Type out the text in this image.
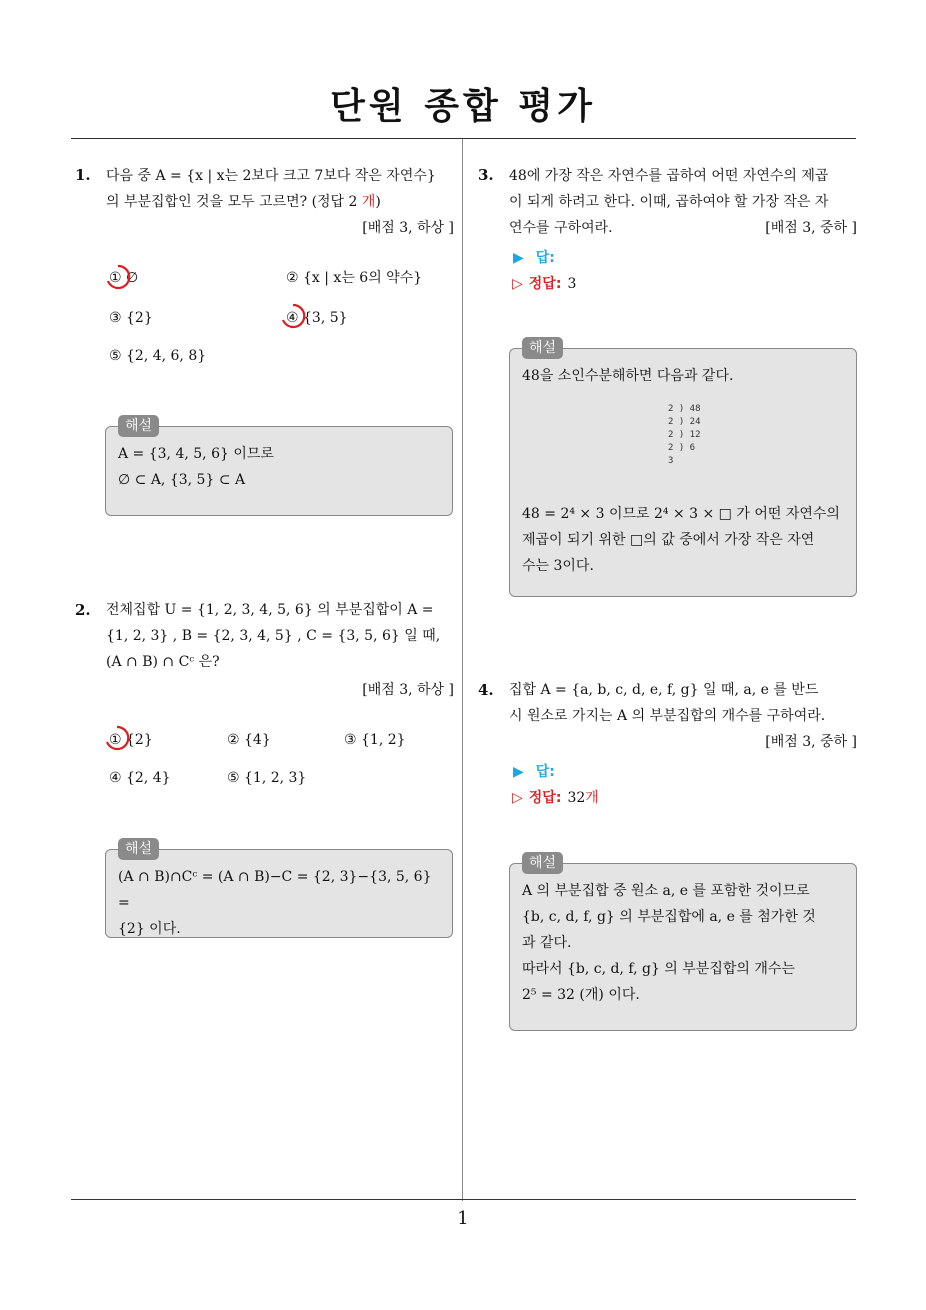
단원 종합 평가
1. 다음 중 A = {x | x는 2보다 크고 7보다 작은 자연수}
의 부분집합인 것을 모두 고르면? (정답 2 개)
[배점 3, 하상 ]
① ∅	② {x | x는 6의 약수}
③ {2}	④ {3, 5}
⑤ {2, 4, 6, 8}
해설
A = {3, 4, 5, 6} 이므로
∅ ⊂ A, {3, 5} ⊂ A
2. 전체집합 U = {1, 2, 3, 4, 5, 6} 의 부분집합이 A =
{1, 2, 3} , B = {2, 3, 4, 5} , C = {3, 5, 6} 일 때,
(A ∩ B) ∩ Cᶜ 은?
[배점 3, 하상 ]
① {2}	② {4}	③ {1, 2}
④ {2, 4}	⑤ {1, 2, 3}
해설
(A ∩ B)∩Cᶜ = (A ∩ B)−C = {2, 3}−{3, 5, 6} =
{2} 이다.
3. 48에 가장 작은 자연수를 곱하여 어떤 자연수의 제곱
이 되게 하려고 한다. 이때, 곱하여야 할 가장 작은 자
연수를 구하여라.	[배점 3, 중하 ]
▶ 답:
▷ 정답: 3
해설
48을 소인수분해하면 다음과 같다.
2 ) 48
2 ) 24
2 ) 12
2 ) 6
3
48 = 2⁴ × 3 이므로 2⁴ × 3 × □ 가 어떤 자연수의
제곱이 되기 위한 □의 값 중에서 가장 작은 자연
수는 3이다.
4. 집합 A = {a, b, c, d, e, f, g} 일 때, a, e 를 반드
시 원소로 가지는 A 의 부분집합의 개수를 구하여라.
[배점 3, 중하 ]
▶ 답:
▷ 정답: 32개
해설
A 의 부분집합 중 원소 a, e 를 포함한 것이므로
{b, c, d, f, g} 의 부분집합에 a, e 를 첨가한 것
과 같다.
따라서 {b, c, d, f, g} 의 부분집합의 개수는
2⁵ = 32 (개) 이다.
1
